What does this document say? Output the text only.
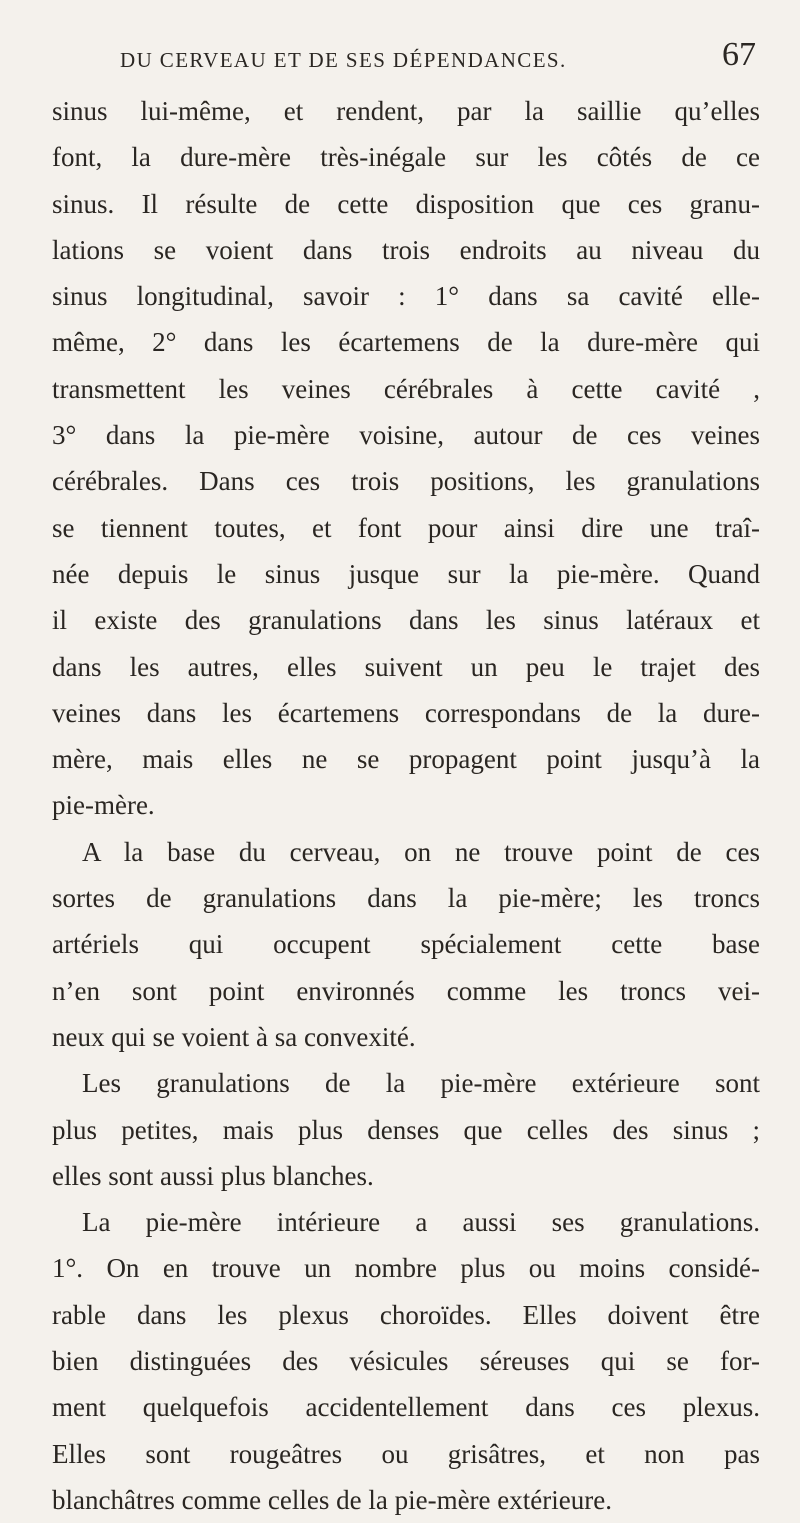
DU CERVEAU ET DE SES DÉPENDANCES.	67
sinus lui-même, et rendent, par la saillie qu’elles
font, la dure-mère très-inégale sur les côtés de ce
sinus. Il résulte de cette disposition que ces granu-
lations se voient dans trois endroits au niveau du
sinus longitudinal, savoir : 1° dans sa cavité elle-
même, 2° dans les écartemens de la dure-mère qui
transmettent les veines cérébrales à cette cavité ,
3° dans la pie-mère voisine, autour de ces veines
cérébrales. Dans ces trois positions, les granulations
se tiennent toutes, et font pour ainsi dire une traî-
née depuis le sinus jusque sur la pie-mère. Quand
il existe des granulations dans les sinus latéraux et
dans les autres, elles suivent un peu le trajet des
veines dans les écartemens correspondans de la dure-
mère, mais elles ne se propagent point jusqu’à la
pie-mère.
A la base du cerveau, on ne trouve point de ces
sortes de granulations dans la pie-mère; les troncs
artériels qui occupent spécialement cette base
n’en sont point environnés comme les troncs vei-
neux qui se voient à sa convexité.
Les granulations de la pie-mère extérieure sont
plus petites, mais plus denses que celles des sinus ;
elles sont aussi plus blanches.
La pie-mère intérieure a aussi ses granulations.
1°. On en trouve un nombre plus ou moins considé-
rable dans les plexus choroïdes. Elles doivent être
bien distinguées des vésicules séreuses qui se for-
ment quelquefois accidentellement dans ces plexus.
Elles sont rougeâtres ou grisâtres, et non pas
blanchâtres comme celles de la pie-mère extérieure.
